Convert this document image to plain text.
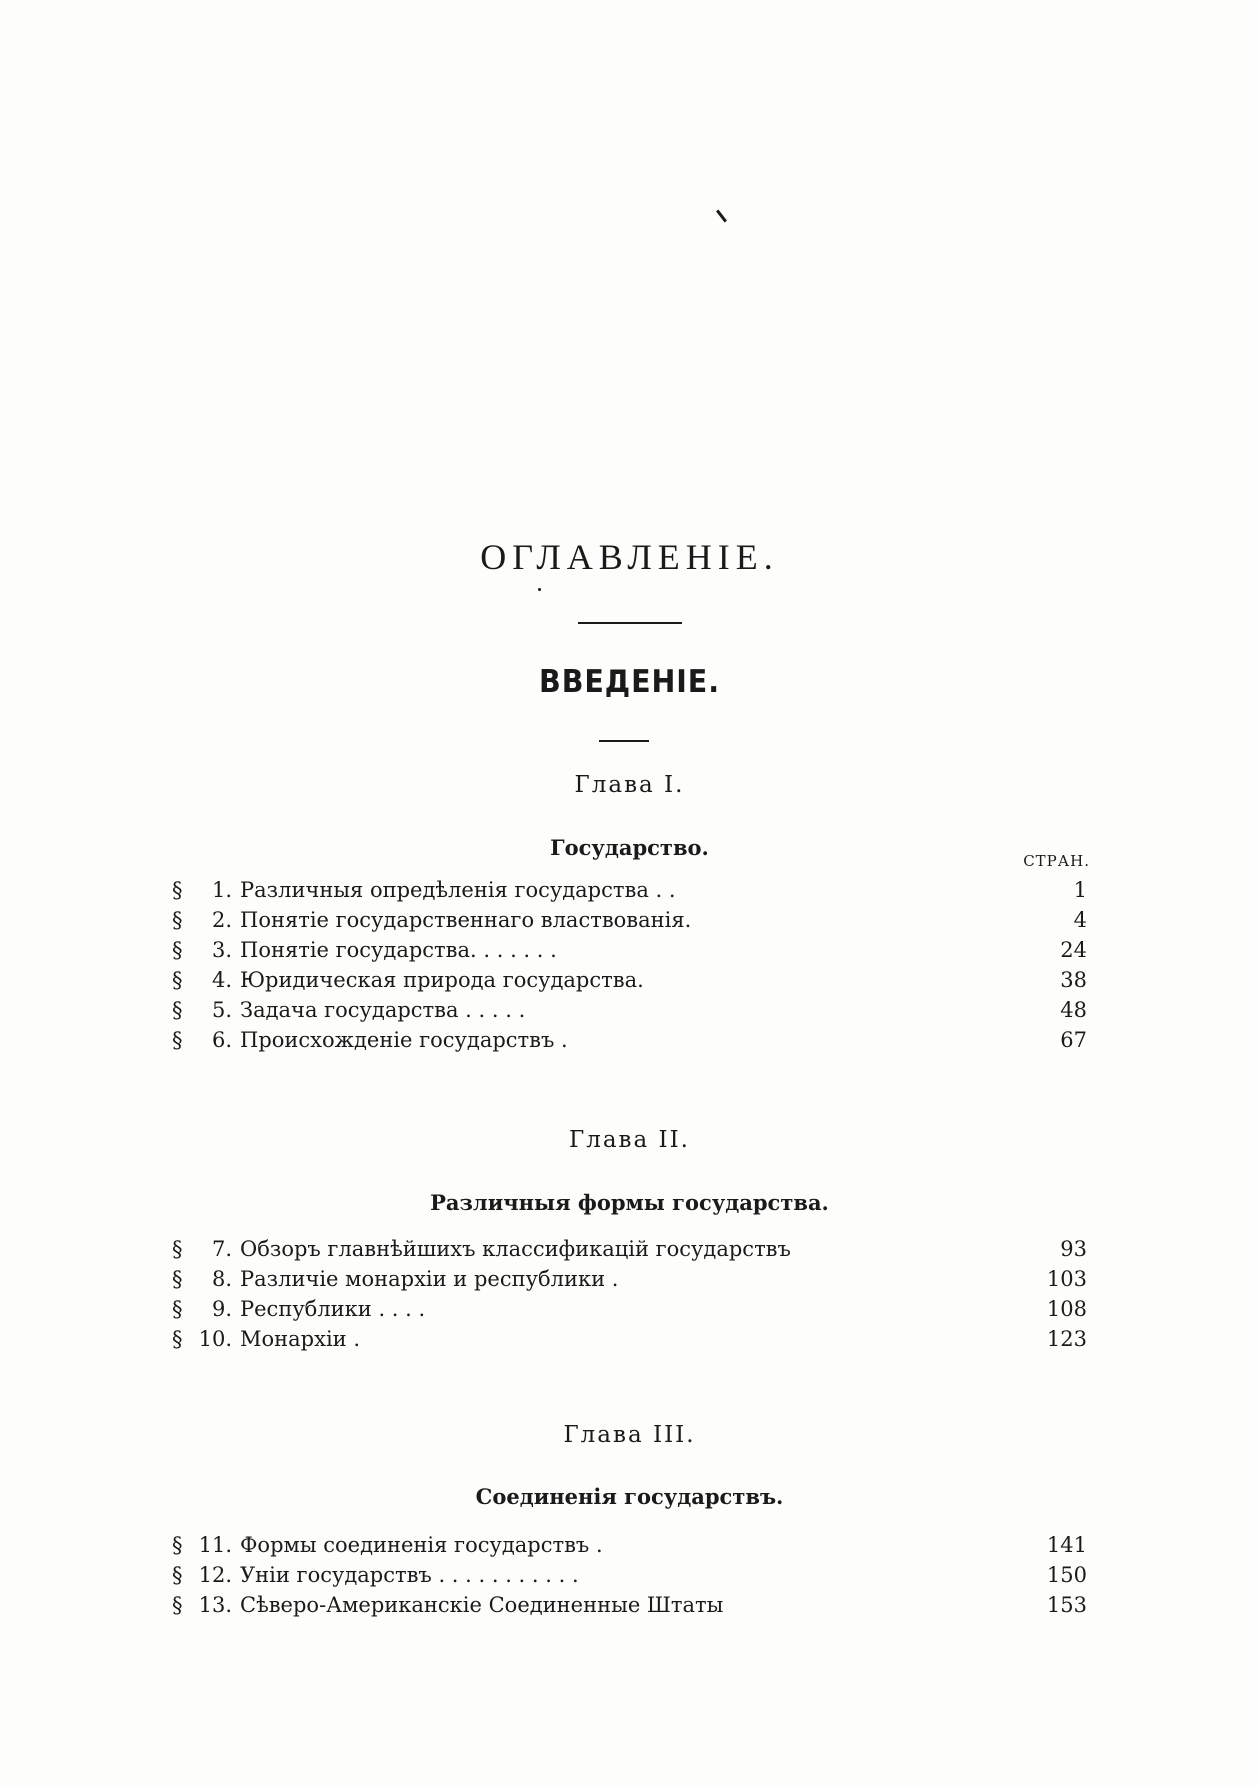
ОГЛАВЛЕНІЕ.
ВВЕДЕНІЕ.
Глава I.
Государство.
СТРАН.
§	1. Различныя опредѣленія государства . .	1
§	2. Понятіе государственнаго властвованія.	4
§	3. Понятіе государства. . . . . . .	24
§	4. Юридическая природа государства.	38
§	5. Задача государства . . . . .	48
§	6. Происхожденіе государствъ .	67
Глава II.
Различныя формы государства.
§	7. Обзоръ главнѣйшихъ классификацій государствъ	93
§	8. Различіе монархіи и республики .	103
§	9. Республики . . . .	108
§ 10. Монархіи .	123
Глава III.
Соединенія государствъ.
§ 11. Формы соединенія государствъ .	141
§ 12. Уніи государствъ . . . . . . . . . . .	150
§ 13. Сѣверо-Американскіе Соединенные Штаты	153
